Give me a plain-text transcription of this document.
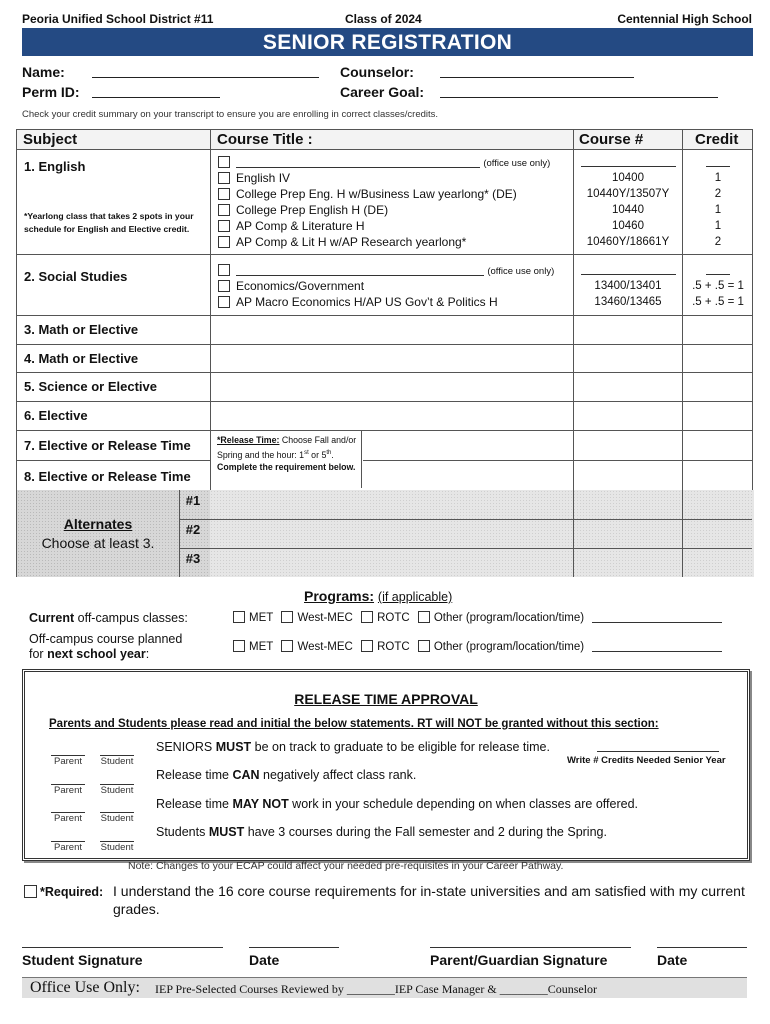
Peoria Unified School District #11	Class of 2024	Centennial High School
SENIOR REGISTRATION
Name:
Perm ID:
Counselor:
Career Goal:
Check your credit summary on your transcript to ensure you are enrolling in correct classes/credits.
Subject	Course Title :	Course #	Credit
1. English
*Yearlong class that takes 2 spots in your schedule for English and Elective credit.
(office use only)
English IV	10400	1
College Prep Eng. H w/Business Law yearlong* (DE)	10440Y/13507Y	2
College Prep English H (DE)	10440	1
AP Comp & Literature H	10460	1
AP Comp & Lit H w/AP Research yearlong*	10460Y/18661Y	2
2. Social Studies	(office use only)
Economics/Government	13400/13401	.5 + .5 = 1
AP Macro Economics H/AP US Gov’t & Politics H	13460/13465	.5 + .5 = 1
3. Math or Elective
4. Math or Elective
5. Science or Elective
6. Elective
7. Elective or Release Time
8. Elective or Release Time
*Release Time: Choose Fall and/or Spring and the hour: 1st or 5th. Complete the requirement below.
Alternates
Choose at least 3.
#1
#2
#3
Programs: (if applicable)
Current off-campus classes:	MET West-MEC ROTC Other (program/location/time)
Off-campus course planned
for next school year:	MET West-MEC ROTC Other (program/location/time)
RELEASE TIME APPROVAL
Parents and Students please read and initial the below statements. RT will NOT be granted without this section:
Parent	Student
Parent	Student
Parent	Student
Parent	Student
SENIORS MUST be on track to graduate to be eligible for release time.
Write # Credits Needed Senior Year
Release time CAN negatively affect class rank.
Release time MAY NOT work in your schedule depending on when classes are offered.
Students MUST have 3 courses during the Fall semester and 2 during the Spring.
Note: Changes to your ECAP could affect your needed pre-requisites in your Career Pathway.
*Required: I understand the 16 core course requirements for in-state universities and am satisfied with my current grades.
Student Signature	Date	Parent/Guardian Signature	Date
Office Use Only: IEP Pre-Selected Courses Reviewed by ________IEP Case Manager & ________Counselor
